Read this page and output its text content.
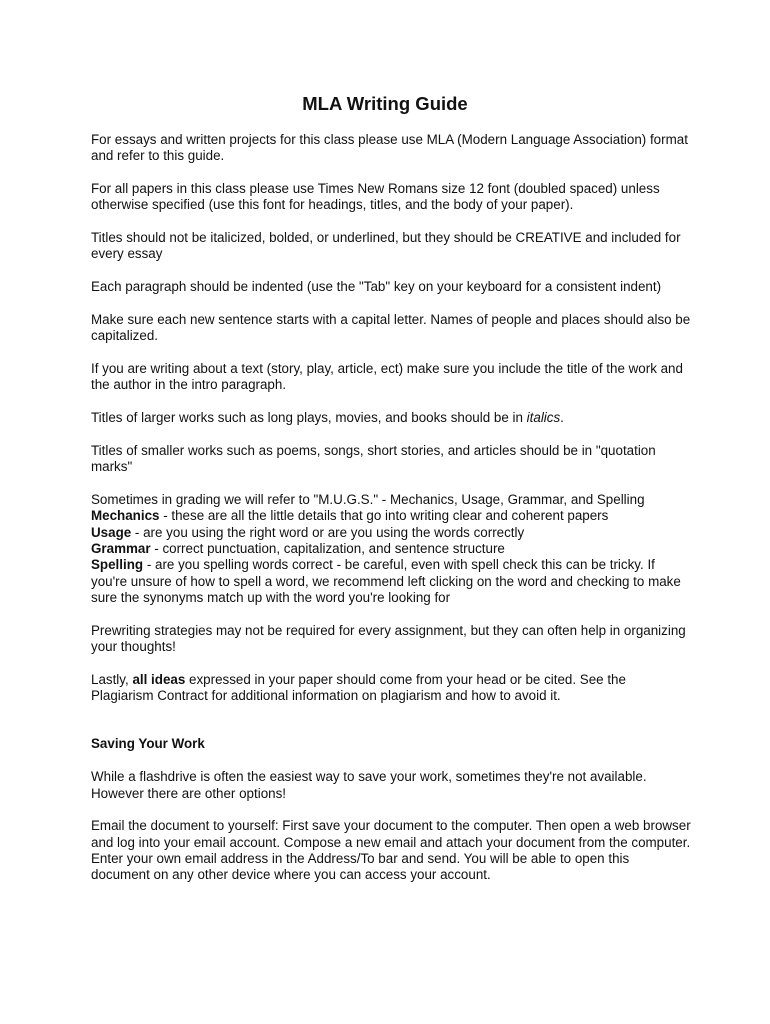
MLA Writing Guide

For essays and written projects for this class please use MLA (Modern Language Association) format and refer to this guide.

For all papers in this class please use Times New Romans size 12 font (doubled spaced) unless otherwise specified (use this font for headings, titles, and the body of your paper).

Titles should not be italicized, bolded, or underlined, but they should be CREATIVE and included for every essay

Each paragraph should be indented (use the "Tab" key on your keyboard for a consistent indent)

Make sure each new sentence starts with a capital letter. Names of people and places should also be capitalized.

If you are writing about a text (story, play, article, ect) make sure you include the title of the work and the author in the intro paragraph.

Titles of larger works such as long plays, movies, and books should be in italics.

Titles of smaller works such as poems, songs, short stories, and articles should be in "quotation marks"

Sometimes in grading we will refer to "M.U.G.S." - Mechanics, Usage, Grammar, and Spelling
Mechanics - these are all the little details that go into writing clear and coherent papers
Usage - are you using the right word or are you using the words correctly
Grammar - correct punctuation, capitalization, and sentence structure
Spelling - are you spelling words correct - be careful, even with spell check this can be tricky. If you're unsure of how to spell a word, we recommend left clicking on the word and checking to make sure the synonyms match up with the word you're looking for

Prewriting strategies may not be required for every assignment, but they can often help in organizing your thoughts!

Lastly, all ideas expressed in your paper should come from your head or be cited. See the Plagiarism Contract for additional information on plagiarism and how to avoid it.

Saving Your Work

While a flashdrive is often the easiest way to save your work, sometimes they're not available. However there are other options!

Email the document to yourself: First save your document to the computer. Then open a web browser and log into your email account. Compose a new email and attach your document from the computer. Enter your own email address in the Address/To bar and send. You will be able to open this document on any other device where you can access your account.
